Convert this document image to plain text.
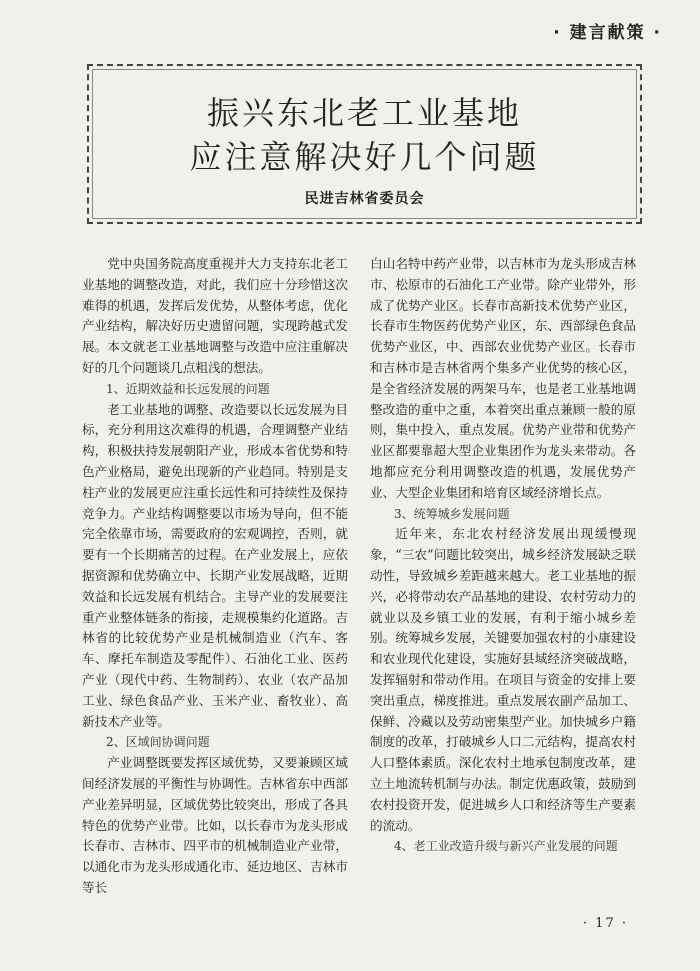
· 建言献策 ·
振兴东北老工业基地
应注意解决好几个问题
民进吉林省委员会

党中央国务院高度重视并大力支持东北老工业基地的调整改造，对此，我们应十分珍惜这次难得的机遇，发挥后发优势，从整体考虑，优化产业结构，解决好历史遗留问题，实现跨越式发展。本文就老工业基地调整与改造中应注重解决好的几个问题谈几点粗浅的想法。

1、近期效益和长远发展的问题

老工业基地的调整、改造要以长远发展为目标，充分利用这次难得的机遇，合理调整产业结构，积极扶持发展朝阳产业，形成本省优势和特色产业格局，避免出现新的产业趋同。特别是支柱产业的发展更应注重长远性和可持续性及保持竞争力。产业结构调整要以市场为导向，但不能完全依靠市场，需要政府的宏观调控，否则，就要有一个长期痛苦的过程。在产业发展上，应依据资源和优势确立中、长期产业发展战略，近期效益和长远发展有机结合。主导产业的发展要注重产业整体链条的衔接，走规模集约化道路。吉林省的比较优势产业是机械制造业（汽车、客车、摩托车制造及零配件）、石油化工业、医药产业（现代中药、生物制药）、农业（农产品加工业、绿色食品产业、玉米产业、畜牧业）、高新技术产业等。

2、区域间协调问题

产业调整既要发挥区域优势，又要兼顾区域间经济发展的平衡性与协调性。吉林省东中西部产业差异明显，区域优势比较突出，形成了各具特色的优势产业带。比如，以长春市为龙头形成长春市、吉林市、四平市的机械制造业产业带，以通化市为龙头形成通化市、延边地区、吉林市等长

白山名特中药产业带，以吉林市为龙头形成吉林市、松原市的石油化工产业带。除产业带外，形成了优势产业区。长春市高新技术优势产业区，长春市生物医药优势产业区，东、西部绿色食品优势产业区，中、西部农业优势产业区。长春市和吉林市是吉林省两个集多产业优势的核心区，是全省经济发展的两架马车，也是老工业基地调整改造的重中之重，本着突出重点兼顾一般的原则，集中投入，重点发展。优势产业带和优势产业区都要靠超大型企业集团作为龙头来带动。各地都应充分利用调整改造的机遇，发展优势产业、大型企业集团和培育区域经济增长点。

3、统筹城乡发展问题

近年来，东北农村经济发展出现缓慢现象，“三农”问题比较突出，城乡经济发展缺乏联动性，导致城乡差距越来越大。老工业基地的振兴，必将带动农产品基地的建设、农村劳动力的就业以及乡镇工业的发展，有利于缩小城乡差别。统筹城乡发展，关键要加强农村的小康建设和农业现代化建设，实施好县域经济突破战略，发挥辐射和带动作用。在项目与资金的安排上要突出重点，梯度推进。重点发展农副产品加工、保鲜、冷藏以及劳动密集型产业。加快城乡户籍制度的改革，打破城乡人口二元结构，提高农村人口整体素质。深化农村土地承包制度改革，建立土地流转机制与办法。制定优惠政策，鼓励到农村投资开发，促进城乡人口和经济等生产要素的流动。

4、老工业改造升级与新兴产业发展的问题

· 17 ·
